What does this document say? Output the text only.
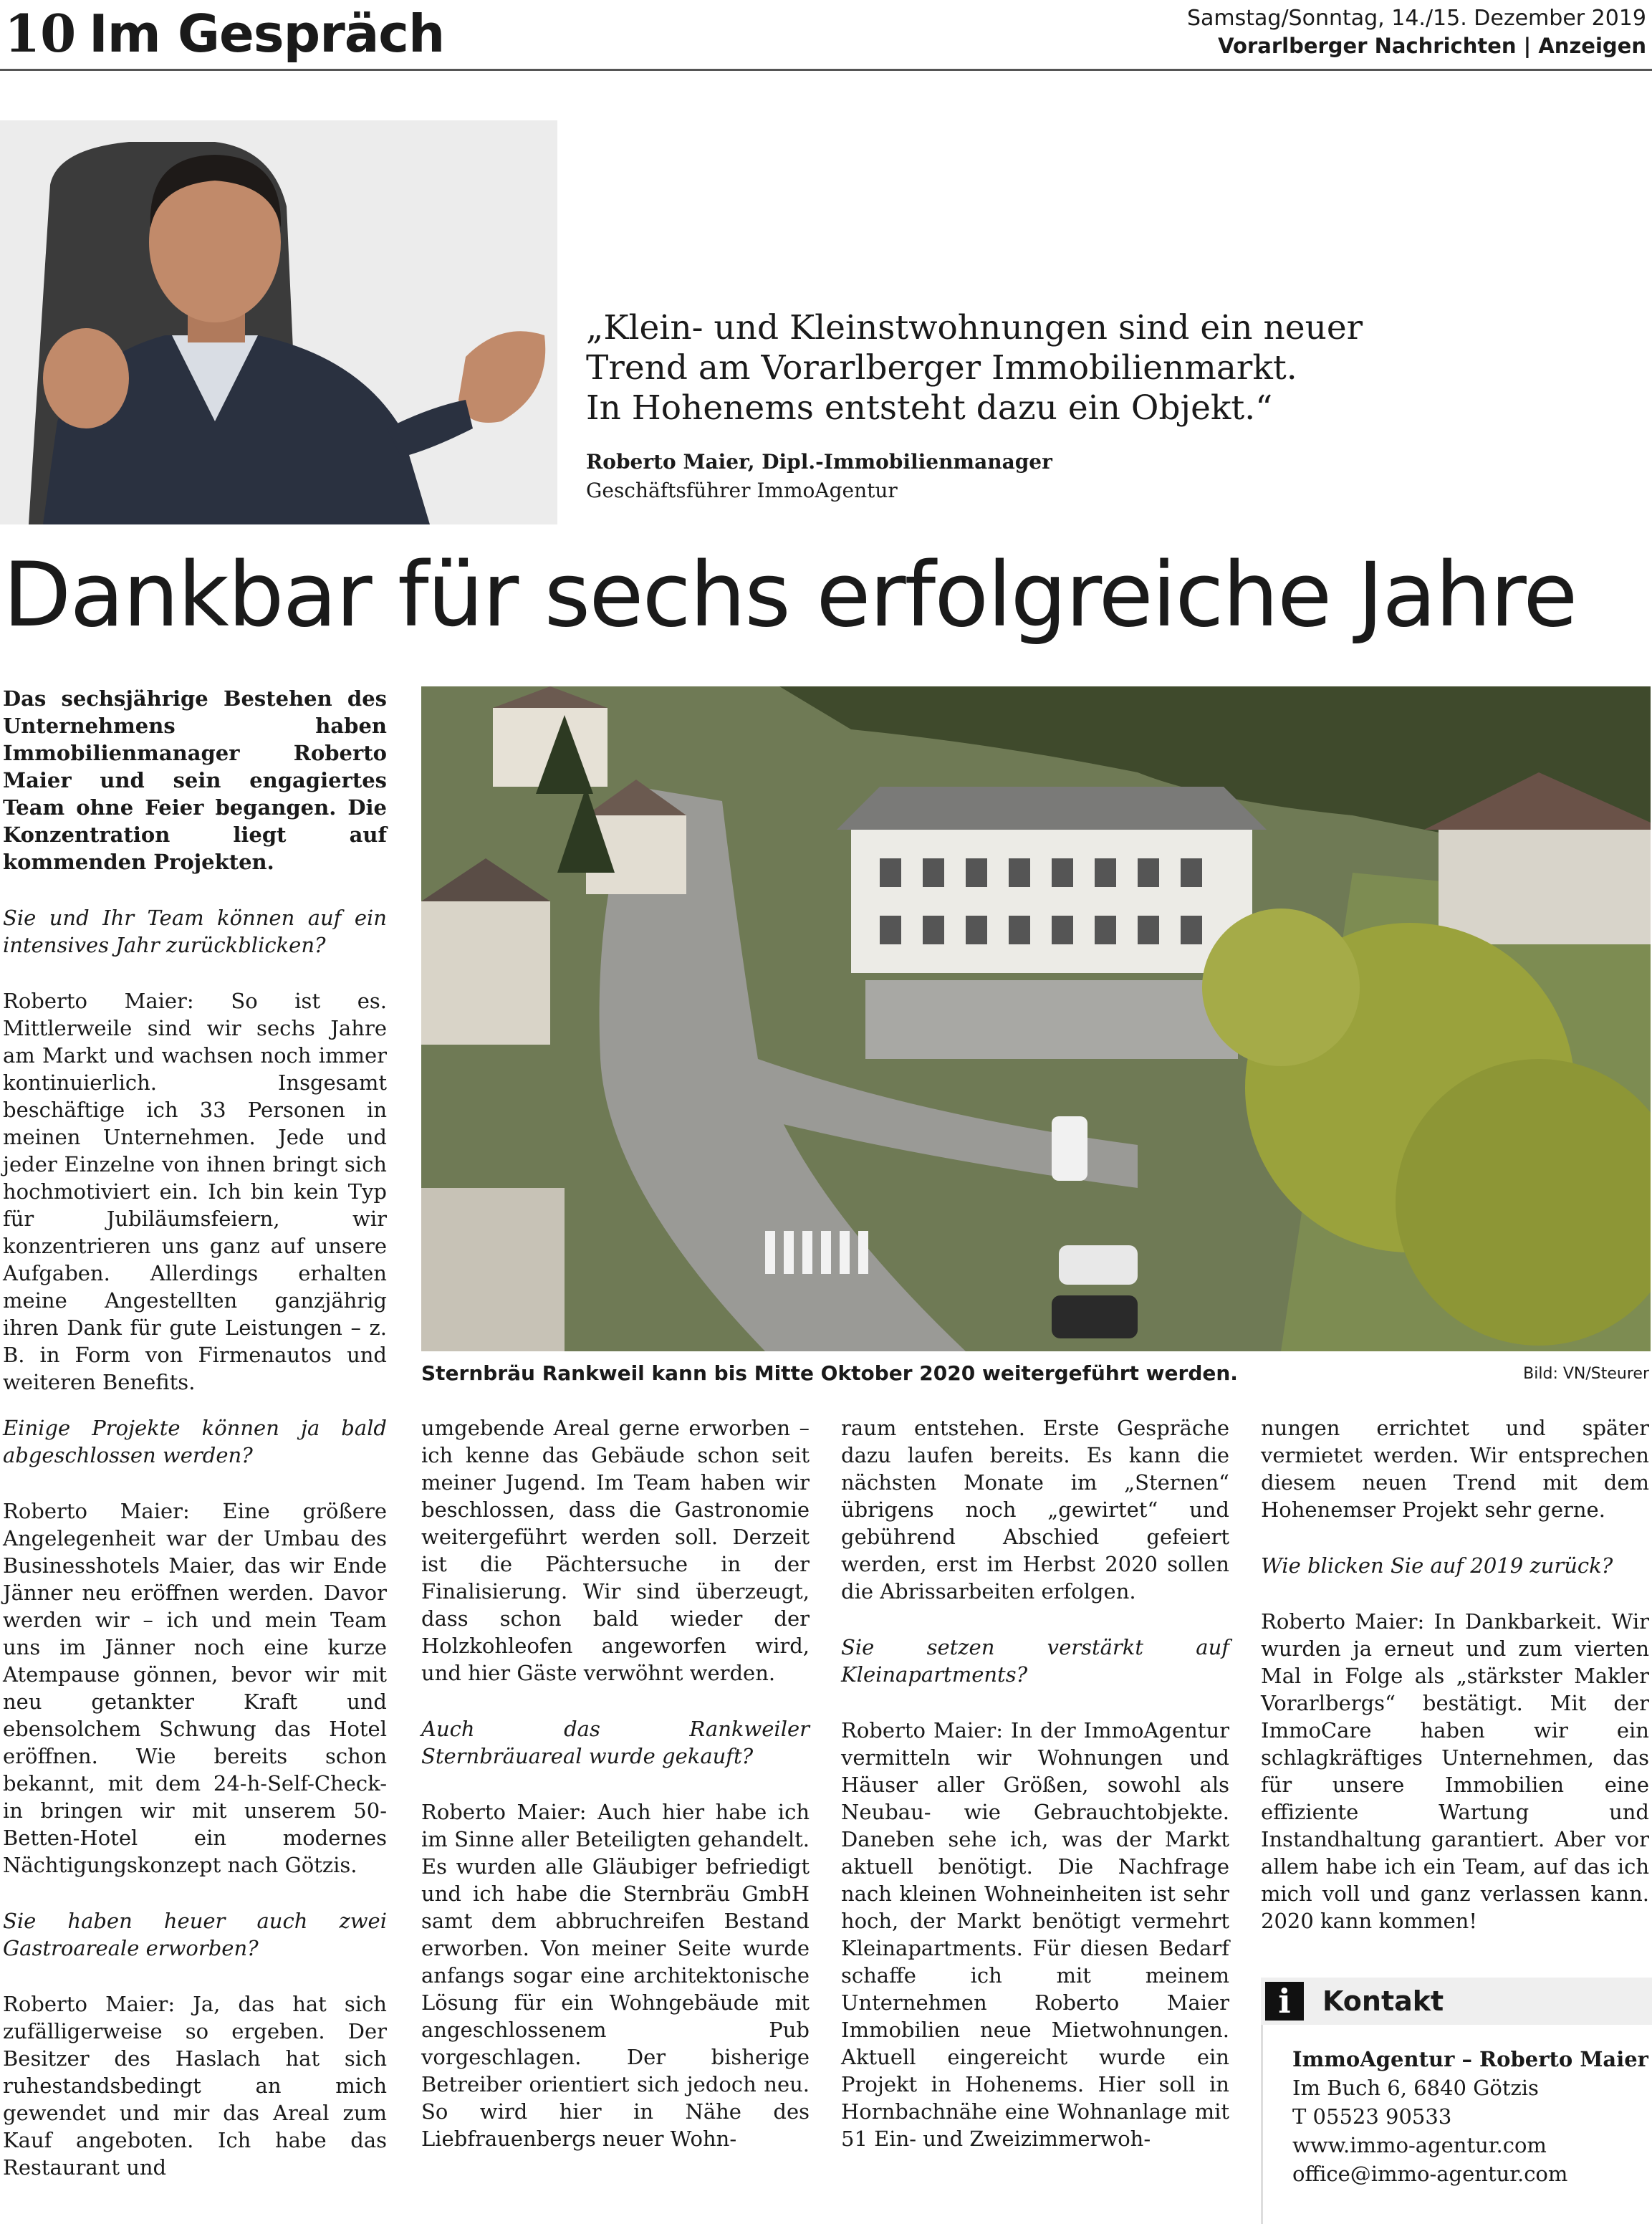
10 Im Gespräch	Samstag/Sonntag, 14./15. Dezember 2019
Vorarlberger Nachrichten | Anzeigen
„Klein- und Kleinstwohnungen sind ein neuer
Trend am Vorarlberger Immobilienmarkt.
In Hohenems entsteht dazu ein Objekt.“
Roberto Maier, Dipl.-Immobilienmanager
Geschäftsführer ImmoAgentur
Dankbar für sechs erfolgreiche Jahre

Das sechsjährige Bestehen des Unternehmens haben Immobilienmanager Roberto Maier und sein engagiertes Team ohne Feier begangen. Die Konzentration liegt auf kommenden Projekten.

Sie und Ihr Team können auf ein intensives Jahr zurückblicken?

Roberto Maier: So ist es. Mittlerweile sind wir sechs Jahre am Markt und wachsen noch immer kontinuierlich. Insgesamt beschäftige ich 33 Personen in meinen Unternehmen. Jede und jeder Einzelne von ihnen bringt sich hochmotiviert ein. Ich bin kein Typ für Jubiläumsfeiern, wir konzentrieren uns ganz auf unsere Aufgaben. Allerdings erhalten meine Angestellten ganzjährig ihren Dank für gute Leistungen – z. B. in Form von Firmenautos und weiteren Benefits.

Einige Projekte können ja bald abgeschlossen werden?

Roberto Maier: Eine größere Angelegenheit war der Umbau des Businesshotels Maier, das wir Ende Jänner neu eröffnen werden. Davor werden wir – ich und mein Team uns im Jänner noch eine kurze Atempause gönnen, bevor wir mit neu getankter Kraft und ebensolchem Schwung das Hotel eröffnen. Wie bereits schon bekannt, mit dem 24-h-Self-Check-in bringen wir mit unserem 50-Betten-Hotel ein modernes Nächtigungskonzept nach Götzis.

Sie haben heuer auch zwei Gastroareale erworben?

Roberto Maier: Ja, das hat sich zufälligerweise so ergeben. Der Besitzer des Haslach hat sich ruhestandsbedingt an mich gewendet und mir das Areal zum Kauf angeboten. Ich habe das Restaurant und

umgebende Areal gerne erworben – ich kenne das Gebäude schon seit meiner Jugend. Im Team haben wir beschlossen, dass die Gastronomie weitergeführt werden soll. Derzeit ist die Pächtersuche in der Finalisierung. Wir sind überzeugt, dass schon bald wieder der Holzkohleofen angeworfen wird, und hier Gäste verwöhnt werden.

Auch das Rankweiler Sternbräuareal wurde gekauft?

Roberto Maier: Auch hier habe ich im Sinne aller Beteiligten gehandelt. Es wurden alle Gläubiger befriedigt und ich habe die Sternbräu GmbH samt dem abbruchreifen Bestand erworben. Von meiner Seite wurde anfangs sogar eine architektonische Lösung für ein Wohngebäude mit angeschlossenem Pub vorgeschlagen. Der bisherige Betreiber orientiert sich jedoch neu. So wird hier in Nähe des Liebfrauenbergs neuer Wohn-

raum entstehen. Erste Gespräche dazu laufen bereits. Es kann die nächsten Monate im „Sternen“ übrigens noch „gewirtet“ und gebührend Abschied gefeiert werden, erst im Herbst 2020 sollen die Abrissarbeiten erfolgen.

Sie setzen verstärkt auf Kleinapartments?

Roberto Maier: In der ImmoAgentur vermitteln wir Wohnungen und Häuser aller Größen, sowohl als Neubau- wie Gebrauchtobjekte. Daneben sehe ich, was der Markt aktuell benötigt. Die Nachfrage nach kleinen Wohneinheiten ist sehr hoch, der Markt benötigt vermehrt Kleinapartments. Für diesen Bedarf schaffe ich mit meinem Unternehmen Roberto Maier Immobilien neue Mietwohnungen. Aktuell eingereicht wurde ein Projekt in Hohenems. Hier soll in Hornbachnähe eine Wohnanlage mit 51 Ein- und Zweizimmerwoh-

nungen errichtet und später vermietet werden. Wir entsprechen diesem neuen Trend mit dem Hohenemser Projekt sehr gerne.

Wie blicken Sie auf 2019 zurück?

Roberto Maier: In Dankbarkeit. Wir wurden ja erneut und zum vierten Mal in Folge als „stärkster Makler Vorarlbergs“ bestätigt. Mit der ImmoCare haben wir ein schlagkräftiges Unternehmen, das für unsere Immobilien eine effiziente Wartung und Instandhaltung garantiert. Aber vor allem habe ich ein Team, auf das ich mich voll und ganz verlassen kann. 2020 kann kommen!

Sternbräu Rankweil kann bis Mitte Oktober 2020 weitergeführt werden.	Bild: VN/Steurer
i	Kontakt
ImmoAgentur – Roberto Maier
Im Buch 6, 6840 Götzis
T 05523 90533
www.immo-agentur.com
office@immo-agentur.com
